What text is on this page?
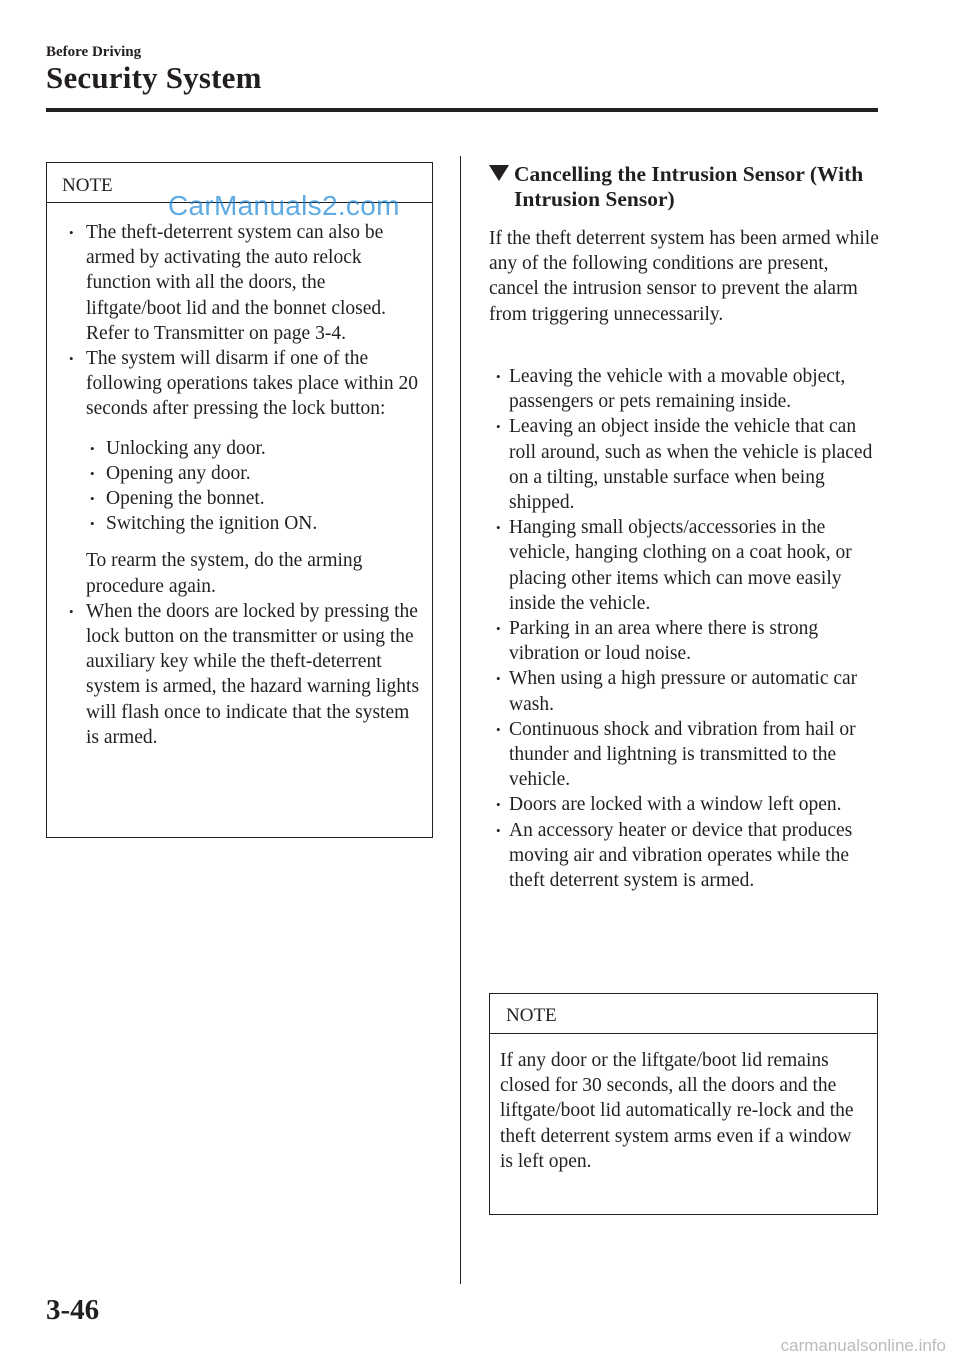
Before Driving
Security System
NOTE
• The theft-deterrent system can also be armed by activating the auto relock function with all the doors, the liftgate/boot lid and the bonnet closed.
Refer to Transmitter on page 3-4.
• The system will disarm if one of the following operations takes place within 20 seconds after pressing the lock button:
• Unlocking any door.
• Opening any door.
• Opening the bonnet.
• Switching the ignition ON.
To rearm the system, do the arming procedure again.
• When the doors are locked by pressing the lock button on the transmitter or using the auxiliary key while the theft-deterrent system is armed, the hazard warning lights will flash once to indicate that the system is armed.
CarManuals2.com
Cancelling the Intrusion Sensor (With Intrusion Sensor)

If the theft deterrent system has been armed while any of the following conditions are present, cancel the intrusion sensor to prevent the alarm from triggering unnecessarily.

• Leaving the vehicle with a movable object, passengers or pets remaining inside.
• Leaving an object inside the vehicle that can roll around, such as when the vehicle is placed on a tilting, unstable surface when being shipped.
• Hanging small objects/accessories in the vehicle, hanging clothing on a coat hook, or placing other items which can move easily inside the vehicle.
• Parking in an area where there is strong vibration or loud noise.
• When using a high pressure or automatic car wash.
• Continuous shock and vibration from hail or thunder and lightning is transmitted to the vehicle.
• Doors are locked with a window left open.
• An accessory heater or device that produces moving air and vibration operates while the theft deterrent system is armed.
NOTE
If any door or the liftgate/boot lid remains closed for 30 seconds, all the doors and the liftgate/boot lid automatically re-lock and the theft deterrent system arms even if a window is left open.
3-46
carmanualsonline.info
